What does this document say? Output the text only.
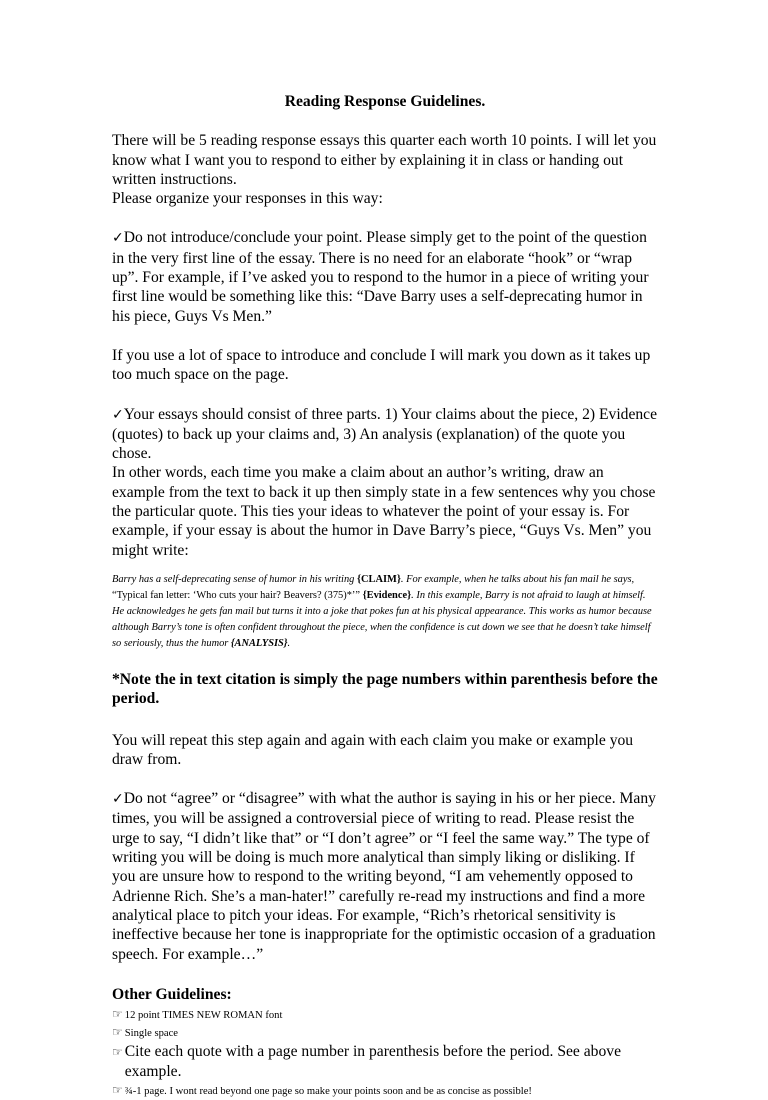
Reading Response Guidelines.

There will be 5 reading response essays this quarter each worth 10 points. I will let you know what I want you to respond to either by explaining it in class or handing out written instructions.

Please organize your responses in this way:

✓Do not introduce/conclude your point. Please simply get to the point of the question in the very first line of the essay. There is no need for an elaborate “hook” or “wrap up”. For example, if I’ve asked you to respond to the humor in a piece of writing your first line would be something like this: “Dave Barry uses a self-deprecating humor in his piece, Guys Vs Men.”

If you use a lot of space to introduce and conclude I will mark you down as it takes up too much space on the page.

✓Your essays should consist of three parts. 1) Your claims about the piece, 2) Evidence (quotes) to back up your claims and, 3) An analysis (explanation) of the quote you chose.

In other words, each time you make a claim about an author’s writing, draw an example from the text to back it up then simply state in a few sentences why you chose the particular quote. This ties your ideas to whatever the point of your essay is. For example, if your essay is about the humor in Dave Barry’s piece, “Guys Vs. Men” you might write:

Barry has a self-deprecating sense of humor in his writing {CLAIM}. For example, when he talks about his fan mail he says, “Typical fan letter: ‘Who cuts your hair? Beavers? (375)*’” {Evidence}. In this example, Barry is not afraid to laugh at himself. He acknowledges he gets fan mail but turns it into a joke that pokes fun at his physical appearance. This works as humor because although Barry’s tone is often confident throughout the piece, when the confidence is cut down we see that he doesn’t take himself so seriously, thus the humor {ANALYSIS}.

*Note the in text citation is simply the page numbers within parenthesis before the period.

You will repeat this step again and again with each claim you make or example you draw from.

✓Do not “agree” or “disagree” with what the author is saying in his or her piece. Many times, you will be assigned a controversial piece of writing to read. Please resist the urge to say, “I didn’t like that” or “I don’t agree” or “I feel the same way.” The type of writing you will be doing is much more analytical than simply liking or disliking. If you are unsure how to respond to the writing beyond, “I am vehemently opposed to Adrienne Rich. She’s a man-hater!” carefully re-read my instructions and find a more analytical place to pitch your ideas. For example, “Rich’s rhetorical sensitivity is ineffective because her tone is inappropriate for the optimistic occasion of a graduation speech. For example…”

Other Guidelines:

☞ 12 point TIMES NEW ROMAN font
☞ Single space
☞ Cite each quote with a page number in parenthesis before the period. See above example.
☞ ¾-1 page. I wont read beyond one page so make your points soon and be as concise as possible!
